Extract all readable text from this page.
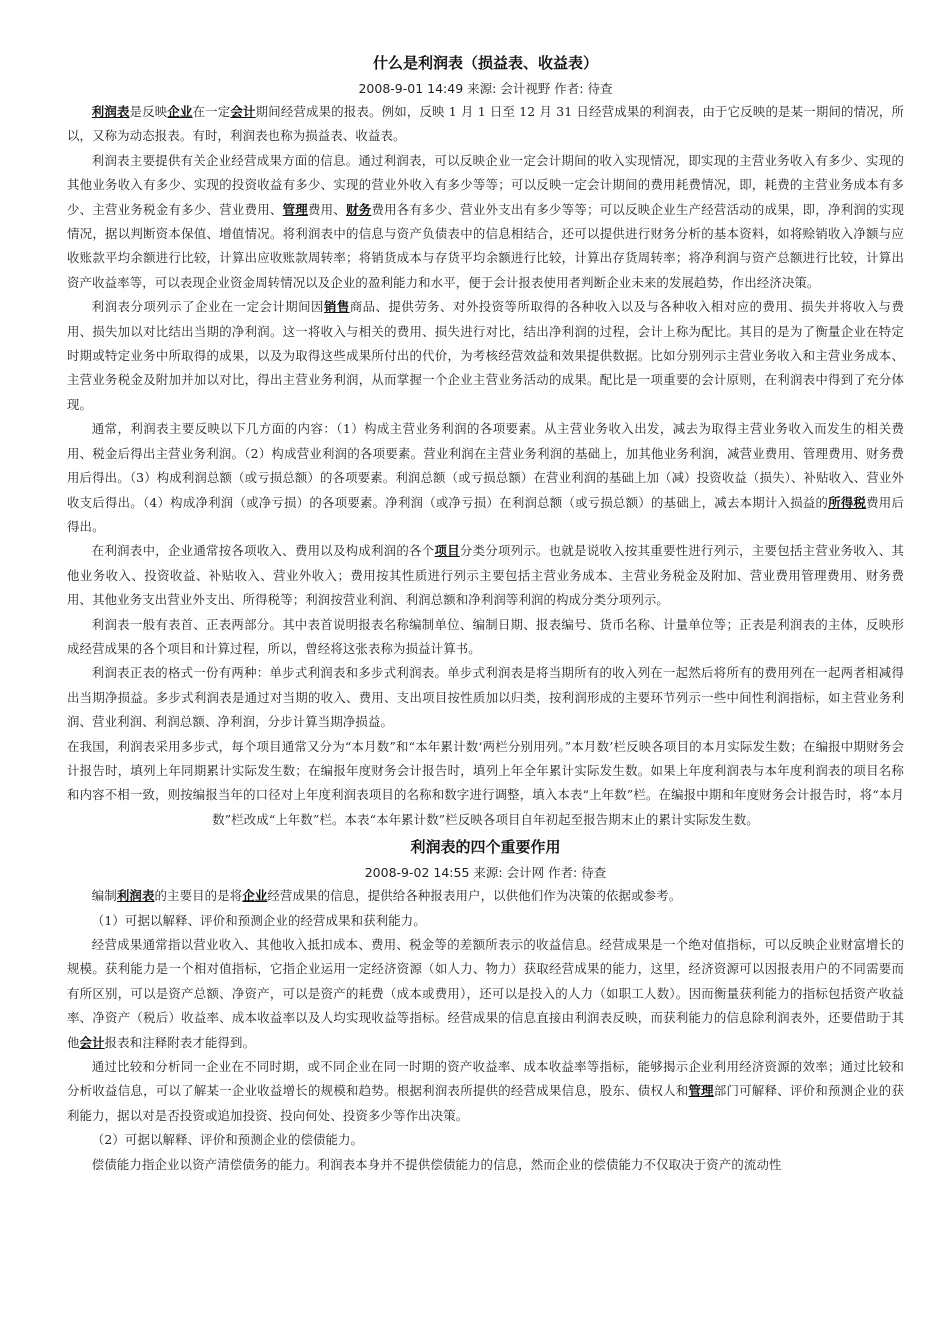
什么是利润表（损益表、收益表）
2008-9-01 14:49 来源: 会计视野 作者: 待查

利润表是反映企业在一定会计期间经营成果的报表。例如，反映 1 月 1 日至 12 月 31 日经营成果的利润表，由于它反映的是某一期间的情况，所以，又称为动态报表。有时，利润表也称为损益表、收益表。

利润表主要提供有关企业经营成果方面的信息。通过利润表，可以反映企业一定会计期间的收入实现情况，即实现的主营业务收入有多少、实现的其他业务收入有多少、实现的投资收益有多少、实现的营业外收入有多少等等；可以反映一定会计期间的费用耗费情况，即，耗费的主营业务成本有多少、主营业务税金有多少、营业费用、管理费用、财务费用各有多少、营业外支出有多少等等；可以反映企业生产经营活动的成果，即，净利润的实现情况，据以判断资本保值、增值情况。将利润表中的信息与资产负债表中的信息相结合，还可以提供进行财务分析的基本资料，如将赊销收入净额与应收账款平均余额进行比较，计算出应收账款周转率；将销货成本与存货平均余额进行比较，计算出存货周转率；将净利润与资产总额进行比较，计算出资产收益率等，可以表现企业资金周转情况以及企业的盈利能力和水平，便于会计报表使用者判断企业未来的发展趋势，作出经济决策。

利润表分项列示了企业在一定会计期间因销售商品、提供劳务、对外投资等所取得的各种收入以及与各种收入相对应的费用、损失并将收入与费用、损失加以对比结出当期的净利润。这一将收入与相关的费用、损失进行对比，结出净利润的过程，会计上称为配比。其目的是为了衡量企业在特定时期或特定业务中所取得的成果，以及为取得这些成果所付出的代价，为考核经营效益和效果提供数据。比如分别列示主营业务收入和主营业务成本、主营业务税金及附加并加以对比，得出主营业务利润，从而掌握一个企业主营业务活动的成果。配比是一项重要的会计原则，在利润表中得到了充分体现。

通常，利润表主要反映以下几方面的内容：（1）构成主营业务利润的各项要素。从主营业务收入出发，减去为取得主营业务收入而发生的相关费用、税金后得出主营业务利润。（2）构成营业利润的各项要素。营业利润在主营业务利润的基础上，加其他业务利润，减营业费用、管理费用、财务费用后得出。（3）构成利润总额（或亏损总额）的各项要素。利润总额（或亏损总额）在营业利润的基础上加（减）投资收益（损失）、补贴收入、营业外收支后得出。（4）构成净利润（或净亏损）的各项要素。净利润（或净亏损）在利润总额（或亏损总额）的基础上，减去本期计入损益的所得税费用后得出。

在利润表中，企业通常按各项收入、费用以及构成利润的各个项目分类分项列示。也就是说收入按其重要性进行列示，主要包括主营业务收入、其他业务收入、投资收益、补贴收入、营业外收入；费用按其性质进行列示主要包括主营业务成本、主营业务税金及附加、营业费用管理费用、财务费用、其他业务支出营业外支出、所得税等；利润按营业利润、利润总额和净利润等利润的构成分类分项列示。

利润表一般有表首、正表两部分。其中表首说明报表名称编制单位、编制日期、报表编号、货币名称、计量单位等；正表是利润表的主体，反映形成经营成果的各个项目和计算过程，所以，曾经将这张表称为损益计算书。

利润表正表的格式一份有两种：单步式利润表和多步式利润表。单步式利润表是将当期所有的收入列在一起然后将所有的费用列在一起两者相减得出当期净损益。多步式利润表是通过对当期的收入、费用、支出项目按性质加以归类，按利润形成的主要环节列示一些中间性利润指标，如主营业务利润、营业利润、利润总额、净利润，分步计算当期净损益。

在我国，利润表采用多步式，每个项目通常又分为“本月数”和“本年累计数‘两栏分别用列。”本月数’栏反映各项目的本月实际发生数；在编报中期财务会计报告时，填列上年同期累计实际发生数；在编报年度财务会计报告时，填列上年全年累计实际发生数。如果上年度利润表与本年度利润表的项目名称和内容不相一致，则按编报当年的口径对上年度利润表项目的名称和数字进行调整，填入本表“上年数”栏。在编报中期和年度财务会计报告时，将“本月数”栏改成“上年数”栏。本表“本年累计数”栏反映各项目自年初起至报告期末止的累计实际发生数。

利润表的四个重要作用
2008-9-02 14:55 来源: 会计网 作者: 待查

编制利润表的主要目的是将企业经营成果的信息，提供给各种报表用户，以供他们作为决策的依据或参考。

（1）可据以解释、评价和预测企业的经营成果和获利能力。

经营成果通常指以营业收入、其他收入抵扣成本、费用、税金等的差额所表示的收益信息。经营成果是一个绝对值指标，可以反映企业财富增长的规模。获利能力是一个相对值指标，它指企业运用一定经济资源（如人力、物力）获取经营成果的能力，这里，经济资源可以因报表用户的不同需要而有所区别，可以是资产总额、净资产，可以是资产的耗费（成本或费用），还可以是投入的人力（如职工人数）。因而衡量获利能力的指标包括资产收益率、净资产（税后）收益率、成本收益率以及人均实现收益等指标。经营成果的信息直接由利润表反映，而获利能力的信息除利润表外，还要借助于其他会计报表和注释附表才能得到。

通过比较和分析同一企业在不同时期，或不同企业在同一时期的资产收益率、成本收益率等指标，能够揭示企业利用经济资源的效率；通过比较和分析收益信息，可以了解某一企业收益增长的规模和趋势。根据利润表所提供的经营成果信息，股东、债权人和管理部门可解释、评价和预测企业的获利能力，据以对是否投资或追加投资、投向何处、投资多少等作出决策。

（2）可据以解释、评价和预测企业的偿债能力。

偿债能力指企业以资产清偿债务的能力。利润表本身并不提供偿债能力的信息，然而企业的偿债能力不仅取决于资产的流动性
